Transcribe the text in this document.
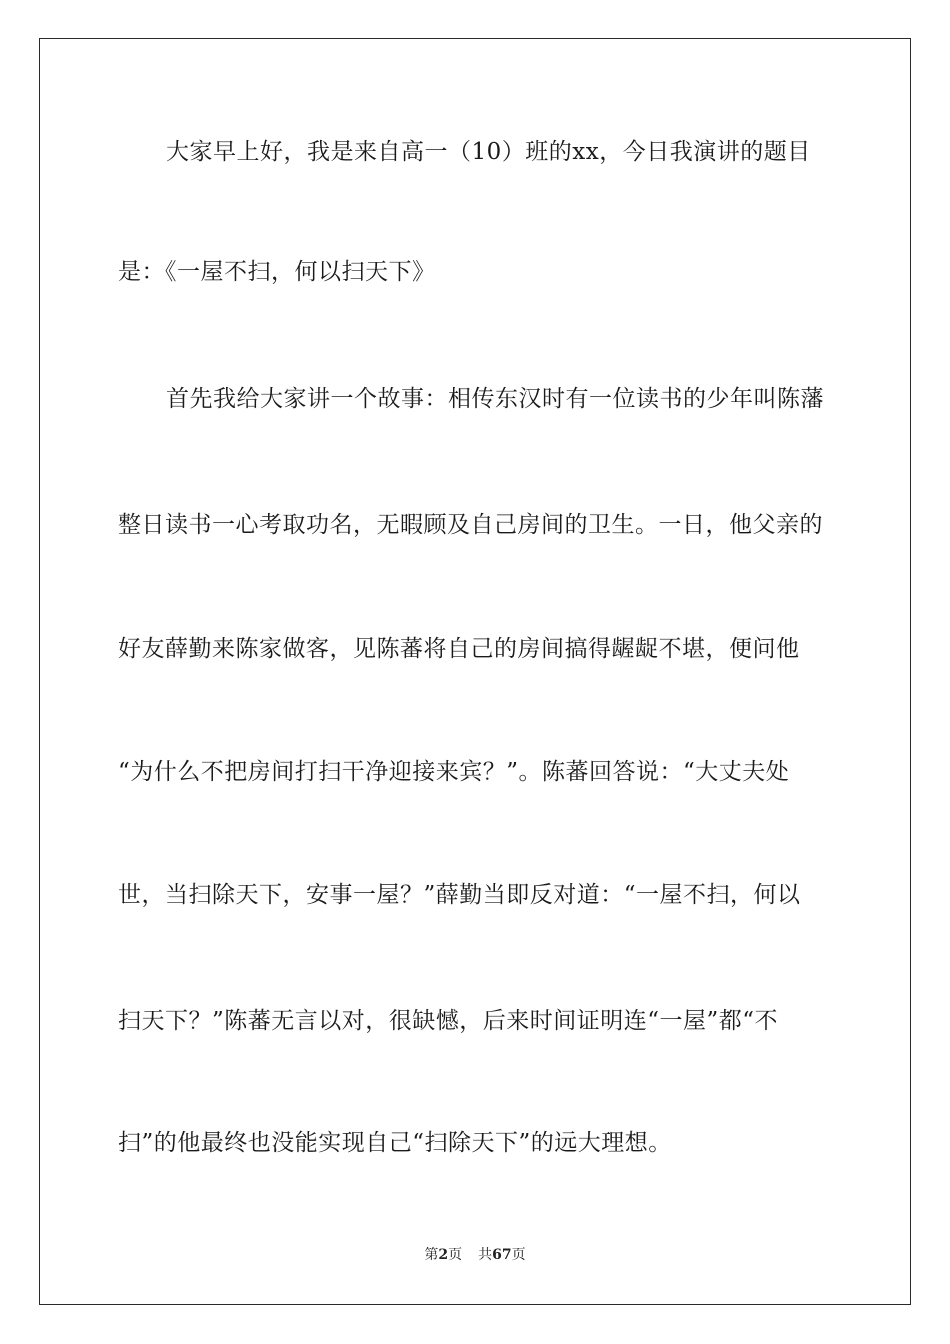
大家早上好，我是来自高一（10）班的xx，今日我演讲的题目
是：《一屋不扫，何以扫天下》
首先我给大家讲一个故事：相传东汉时有一位读书的少年叫陈藩
整日读书一心考取功名，无暇顾及自己房间的卫生。一日，他父亲的
好友薛勤来陈家做客，见陈蕃将自己的房间搞得龌龊不堪，便问他
“为什么不把房间打扫干净迎接来宾？”。陈蕃回答说：“大丈夫处
世，当扫除天下，安事一屋？”薛勤当即反对道：“一屋不扫，何以
扫天下？”陈蕃无言以对，很缺憾，后来时间证明连“一屋”都“不
扫”的他最终也没能实现自己“扫除天下”的远大理想。
第2页 共67页
